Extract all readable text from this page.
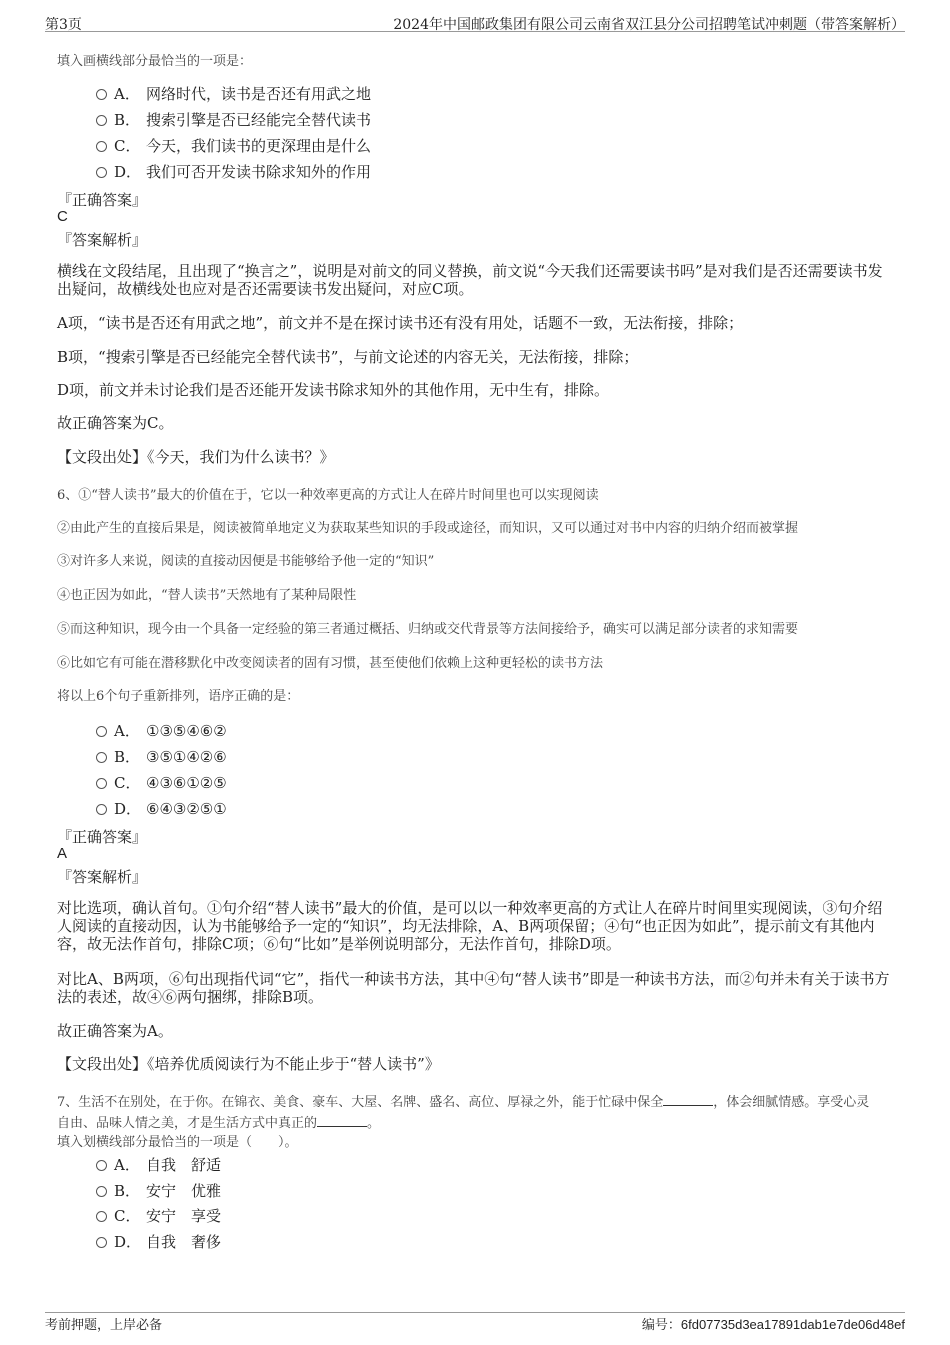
第3页	2024年中国邮政集团有限公司云南省双江县分公司招聘笔试冲刺题（带答案解析）
填入画横线部分最恰当的一项是：
A． 网络时代，读书是否还有用武之地
B． 搜索引擎是否已经能完全替代读书
C． 今天，我们读书的更深理由是什么
D． 我们可否开发读书除求知外的作用
『正确答案』
C
『答案解析』
横线在文段结尾，且出现了“换言之”，说明是对前文的同义替换，前文说“今天我们还需要读书吗”是对我们是否还需要读书发出疑问，故横线处也应对是否还需要读书发出疑问，对应C项。
A项，“读书是否还有用武之地”，前文并不是在探讨读书还有没有用处，话题不一致，无法衔接，排除；
B项，“搜索引擎是否已经能完全替代读书”，与前文论述的内容无关，无法衔接，排除；
D项，前文并未讨论我们是否还能开发读书除求知外的其他作用，无中生有，排除。
故正确答案为C。
【文段出处】《今天，我们为什么读书？》
6、①“替人读书”最大的价值在于，它以一种效率更高的方式让人在碎片时间里也可以实现阅读
②由此产生的直接后果是，阅读被简单地定义为获取某些知识的手段或途径，而知识，又可以通过对书中内容的归纳介绍而被掌握
③对许多人来说，阅读的直接动因便是书能够给予他一定的“知识”
④也正因为如此，“替人读书”天然地有了某种局限性
⑤而这种知识，现今由一个具备一定经验的第三者通过概括、归纳或交代背景等方法间接给予，确实可以满足部分读者的求知需要
⑥比如它有可能在潜移默化中改变阅读者的固有习惯，甚至使他们依赖上这种更轻松的读书方法
将以上6个句子重新排列，语序正确的是：
A． ①③⑤④⑥②
B． ③⑤①④②⑥
C． ④③⑥①②⑤
D． ⑥④③②⑤①
『正确答案』
A
『答案解析』
对比选项，确认首句。①句介绍“替人读书”最大的价值，是可以以一种效率更高的方式让人在碎片时间里实现阅读，③句介绍人阅读的直接动因，认为书能够给予一定的“知识”，均无法排除，A、B两项保留；④句“也正因为如此”，提示前文有其他内容，故无法作首句，排除C项；⑥句“比如”是举例说明部分，无法作首句，排除D项。
对比A、B两项，⑥句出现指代词“它”，指代一种读书方法，其中④句“替人读书”即是一种读书方法，而②句并未有关于读书方法的表述，故④⑥两句捆绑，排除B项。
故正确答案为A。
【文段出处】《培养优质阅读行为不能止步于“替人读书”》
7、生活不在别处，在于你。在锦衣、美食、豪车、大屋、名牌、盛名、高位、厚禄之外，能于忙碌中保全	，体会细腻情感。享受心灵
自由、品味人情之美，才是生活方式中真正的	。
填入划横线部分最恰当的一项是（　　）。
A． 自我　舒适
B． 安宁　优雅
C． 安宁　享受
D． 自我　奢侈
考前押题，上岸必备	编号：6fd07735d3ea17891dab1e7de06d48ef
